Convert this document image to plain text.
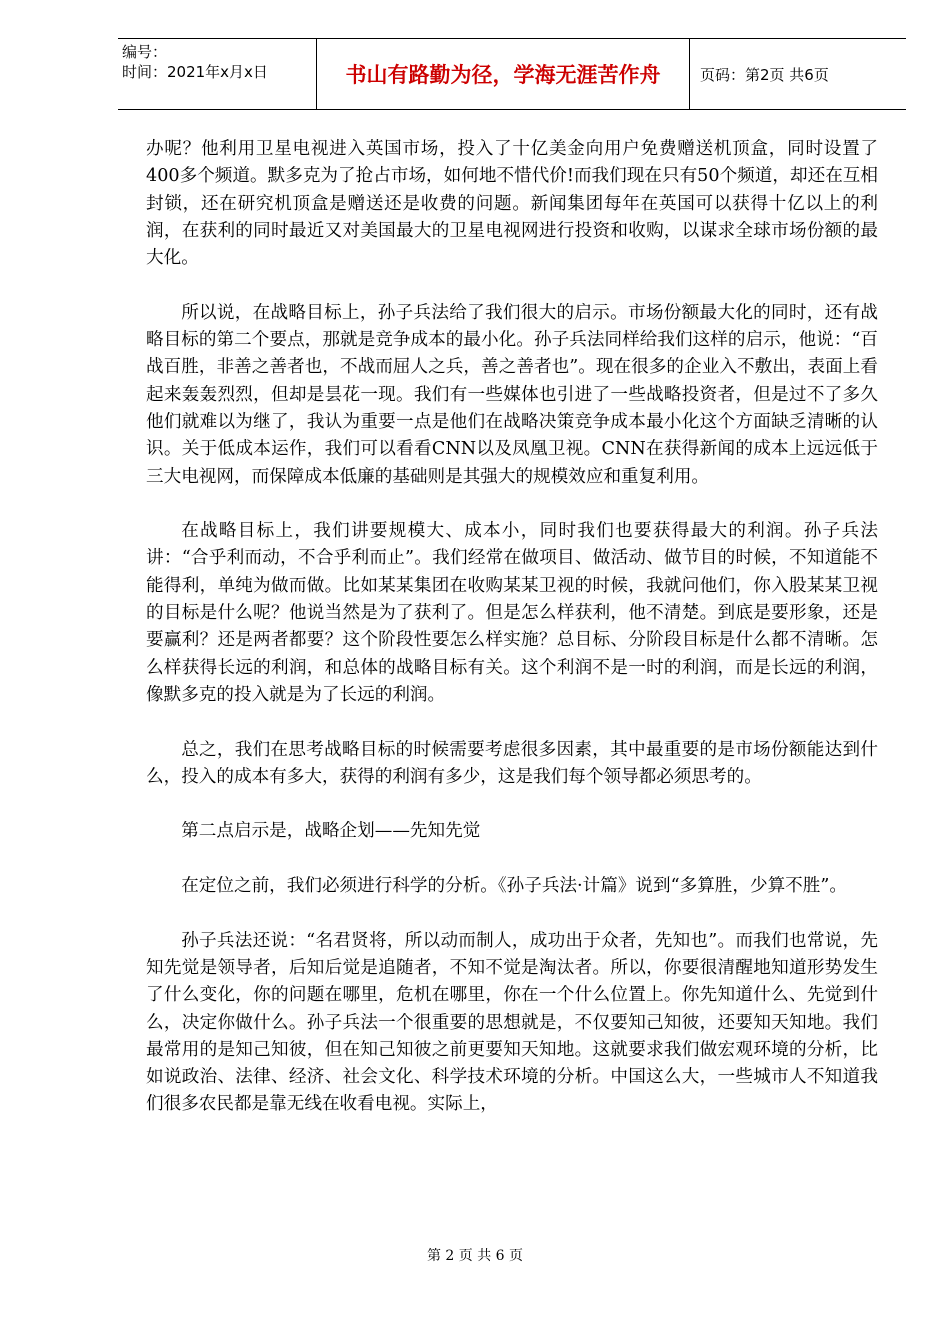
编号：
时间：2021年x月x日	书山有路勤为径，学海无涯苦作舟	页码：第2页 共6页

办呢？他利用卫星电视进入英国市场，投入了十亿美金向用户免费赠送机顶盒，同时设置了400多个频道。默多克为了抢占市场，如何地不惜代价!而我们现在只有50个频道，却还在互相封锁，还在研究机顶盒是赠送还是收费的问题。新闻集团每年在英国可以获得十亿以上的利润，在获利的同时最近又对美国最大的卫星电视网进行投资和收购，以谋求全球市场份额的最大化。

所以说，在战略目标上，孙子兵法给了我们很大的启示。市场份额最大化的同时，还有战略目标的第二个要点，那就是竞争成本的最小化。孙子兵法同样给我们这样的启示，他说：“百战百胜，非善之善者也，不战而屈人之兵，善之善者也”。现在很多的企业入不敷出，表面上看起来轰轰烈烈，但却是昙花一现。我们有一些媒体也引进了一些战略投资者，但是过不了多久他们就难以为继了，我认为重要一点是他们在战略决策竞争成本最小化这个方面缺乏清晰的认识。关于低成本运作，我们可以看看CNN以及凤凰卫视。CNN在获得新闻的成本上远远低于三大电视网，而保障成本低廉的基础则是其强大的规模效应和重复利用。

在战略目标上，我们讲要规模大、成本小，同时我们也要获得最大的利润。孙子兵法讲：“合乎利而动，不合乎利而止”。我们经常在做项目、做活动、做节目的时候，不知道能不能得利，单纯为做而做。比如某某集团在收购某某卫视的时候，我就问他们，你入股某某卫视的目标是什么呢？他说当然是为了获利了。但是怎么样获利，他不清楚。到底是要形象，还是要赢利？还是两者都要？这个阶段性要怎么样实施？总目标、分阶段目标是什么都不清晰。怎么样获得长远的利润，和总体的战略目标有关。这个利润不是一时的利润，而是长远的利润，像默多克的投入就是为了长远的利润。

总之，我们在思考战略目标的时候需要考虑很多因素，其中最重要的是市场份额能达到什么，投入的成本有多大，获得的利润有多少，这是我们每个领导都必须思考的。

第二点启示是，战略企划——先知先觉

在定位之前，我们必须进行科学的分析。《孙子兵法·计篇》说到“多算胜，少算不胜”。

孙子兵法还说：“名君贤将，所以动而制人，成功出于众者，先知也”。而我们也常说，先知先觉是领导者，后知后觉是追随者，不知不觉是淘汰者。所以，你要很清醒地知道形势发生了什么变化，你的问题在哪里，危机在哪里，你在一个什么位置上。你先知道什么、先觉到什么，决定你做什么。孙子兵法一个很重要的思想就是，不仅要知己知彼，还要知天知地。我们最常用的是知己知彼，但在知己知彼之前更要知天知地。这就要求我们做宏观环境的分析，比如说政治、法律、经济、社会文化、科学技术环境的分析。中国这么大，一些城市人不知道我们很多农民都是靠无线在收看电视。实际上，

第 2 页 共 6 页
